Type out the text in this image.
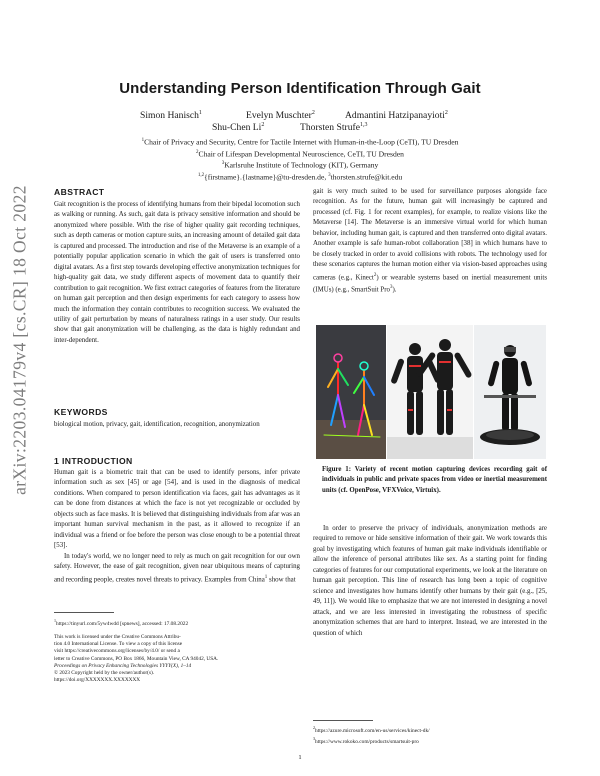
arXiv:2203.04179v4 [cs.CR] 18 Oct 2022
Understanding Person Identification Through Gait
Simon Hanisch$^1$	Evelyn Muschter$^2$	Admantini Hatzipanayioti$^2$
Shu-Chen Li$^2$	Thorsten Strufe$^{1,3}$
$^1$Chair of Privacy and Security, Centre for Tactile Internet with Human-in-the-Loop (CeTI), TU Dresden
$^2$Chair of Lifespan Developmental Neuroscience, CeTI, TU Dresden
$^3$Karlsruhe Institute of Technology (KIT), Germany
$^{1,2}${firstname}.{lastname}@tu-dresden.de, $^3$thorsten.strufe@kit.edu
ABSTRACT

Gait recognition is the process of identifying humans from their bipedal locomotion such as walking or running. As such, gait data is privacy sensitive information and should be anonymized where possible. With the rise of higher quality gait recording techniques, such as depth cameras or motion capture suits, an increasing amount of detailed gait data is captured and processed. The introduction and rise of the Metaverse is an example of a potentially popular application scenario in which the gait of users is transferred onto digital avatars. As a first step towards developing effective anonymization techniques for high-quality gait data, we study different aspects of movement data to quantify their contribution to gait recognition. We first extract categories of features from the literature on human gait perception and then design experiments for each category to assess how much the information they contain contributes to recognition success. We evaluated the utility of gait perturbation by means of naturalness ratings in a user study. Our results show that gait anonymization will be challenging, as the data is highly redundant and inter-dependent.

KEYWORDS

biological motion, privacy, gait, identification, recognition, anonymization

1 INTRODUCTION

Human gait is a biometric trait that can be used to identify persons, infer private information such as sex [45] or age [54], and is used in the diagnosis of medical conditions. When compared to person identification via faces, gait has advantages as it can be done from distances at which the face is not yet recognizable or occluded by objects such as face masks. It is believed that distinguishing individuals from afar was an important human survival mechanism in the past, as it allowed to recognize if an individual was a friend or foe before the person was close enough to be a potential threat [53].

In today's world, we no longer need to rely as much on gait recognition for our own safety. However, the ease of gait recognition, given near ubiquitous means of capturing and recording people, creates novel threats to privacy. Examples from China$^1$ show that

$^1$https://tinyurl.com/5yw4wdd [spnews], accessed: 17.08.2022
This work is licensed under the Creative Commons Attribu-
tion 4.0 International License. To view a copy of this license
visit https://creativecommons.org/licenses/by/4.0/ or send a
letter to Creative Commons, PO Box 1866, Mountain View, CA 94042, USA.
Proceedings on Privacy Enhancing Technologies YYYY(X), 1–14
© 2023 Copyright held by the owner/author(s).
https://doi.org/XXXXXXX.XXXXXXX

gait is very much suited to be used for surveillance purposes alongside face recognition. As for the future, human gait will increasingly be captured and processed (cf. Fig. 1 for recent examples), for example, to realize visions like the Metaverse [14]. The Metaverse is an immersive virtual world for which human behavior, including human gait, is captured and then transferred onto digital avatars. Another example is safe human-robot collaboration [38] in which humans have to be closely tracked in order to avoid collisions with robots. The technology used for these scenarios captures the human motion either via vision-based approaches using cameras (e.g., Kinect$^2$) or wearable systems based on inertial measurement units (IMUs) (e.g., SmartSuit Pro$^3$).

Figure 1: Variety of recent motion capturing devices recording gait of individuals in public and private spaces from video or inertial measurement units (cf. OpenPose, VFXVoice, Virtuix).

In order to preserve the privacy of individuals, anonymization methods are required to remove or hide sensitive information of their gait. We work towards this goal by investigating which features of human gait make individuals identifiable or allow the inference of personal attributes like sex. As a starting point for finding categories of features for our computational experiments, we look at the literature on human gait perception. This line of research has long been a topic of cognitive science and investigates how humans identify other humans by their gait (e.g., [25, 49, 11]). We would like to emphasize that we are not interested in designing a novel attack, and we are less interested in investigating the robustness of specific anonymization schemes that are hard to interpret. Instead, we are interested in the question of which

$^2$https://azure.microsoft.com/en-us/services/kinect-dk/
$^3$https://www.rokoko.com/products/smartsuit-pro
1
